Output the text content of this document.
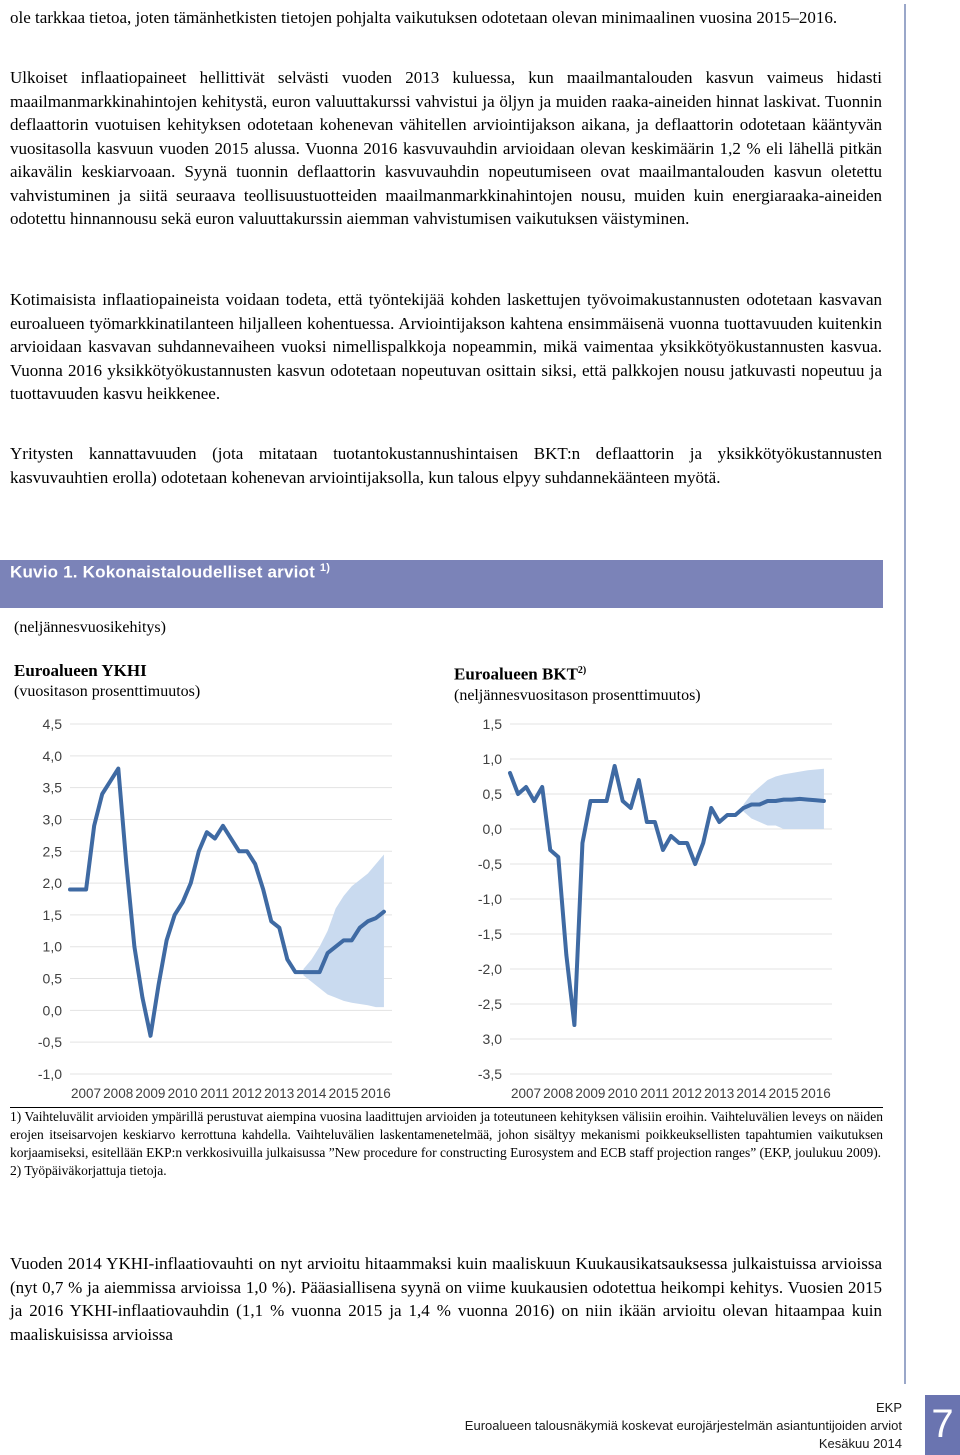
ole tarkkaa tietoa, joten tämänhetkisten tietojen pohjalta vaikutuksen odotetaan olevan minimaalinen vuosina 2015–2016.

Ulkoiset inflaatiopaineet hellittivät selvästi vuoden 2013 kuluessa, kun maailmantalouden kasvun vaimeus hidasti maailmanmarkkinahintojen kehitystä, euron valuuttakurssi vahvistui ja öljyn ja muiden raaka-aineiden hinnat laskivat. Tuonnin deflaattorin vuotuisen kehityksen odotetaan kohenevan vähitellen arviointijakson aikana, ja deflaattorin odotetaan kääntyvän vuositasolla kasvuun vuoden 2015 alussa. Vuonna 2016 kasvuvauhdin arvioidaan olevan keskimäärin 1,2 % eli lähellä pitkän aikavälin keskiarvoaan. Syynä tuonnin deflaattorin kasvuvauhdin nopeutumiseen ovat maailmantalouden kasvun oletettu vahvistuminen ja siitä seuraava teollisuustuotteiden maailmanmarkkinahintojen nousu, muiden kuin energiaraaka-aineiden odotettu hinnannousu sekä euron valuuttakurssin aiemman vahvistumisen vaikutuksen väistyminen.

Kotimaisista inflaatiopaineista voidaan todeta, että työntekijää kohden laskettujen työvoimakustannusten odotetaan kasvavan euroalueen työmarkkinatilanteen hiljalleen kohentuessa. Arviointijakson kahtena ensimmäisenä vuonna tuottavuuden kuitenkin arvioidaan kasvavan suhdannevaiheen vuoksi nimellispalkkoja nopeammin, mikä vaimentaa yksikkötyökustannusten kasvua. Vuonna 2016 yksikkötyökustannusten kasvun odotetaan nopeutuvan osittain siksi, että palkkojen nousu jatkuvasti nopeutuu ja tuottavuuden kasvu heikkenee.

Yritysten kannattavuuden (jota mitataan tuotantokustannushintaisen BKT:n deflaattorin ja yksikkötyökustannusten kasvuvauhtien erolla) odotetaan kohenevan arviointijaksolla, kun talous elpyy suhdannekäänteen myötä.

Kuvio 1. Kokonaistaloudelliset arviot $^{1)}$
(neljännesvuosikehitys)
Euroalueen YKHI
(vuositason prosenttimuutos)
Euroalueen BKT$^{2)}$
(neljännesvuositason prosenttimuutos)
4,5
4,0
3,5
3,0
2,5
2,0
1,5
1,0
0,5
0,0
-0,5
-1,0
2007 2008 2009 2010 2011 2012 2013 2014 2015 2016
1,5
1,0
0,5
0,0
-0,5
-1,0
-1,5
-2,0
-2,5
3,0
-3,5
2007 2008 2009 2010 2011 2012 2013 2014 2015 2016

1) Vaihteluvälit arvioiden ympärillä perustuvat aiempina vuosina laadittujen arvioiden ja toteutuneen kehityksen välisiin eroihin. Vaihteluvälien leveys on näiden erojen itseisarvojen keskiarvo kerrottuna kahdella. Vaihteluvälien laskentamenetelmää, johon sisältyy mekanismi poikkeuksellisten tapahtumien vaikutuksen korjaamiseksi, esitellään EKP:n verkkosivuilla julkaisussa ”New procedure for constructing Eurosystem and ECB staff projection ranges” (EKP, joulukuu 2009).

2) Työpäiväkorjattuja tietoja.

Vuoden 2014 YKHI-inflaatiovauhti on nyt arvioitu hitaammaksi kuin maaliskuun Kuukausikatsauksessa julkaistuissa arvioissa (nyt 0,7 % ja aiemmissa arvioissa 1,0 %). Pääasiallisena syynä on viime kuukausien odotettua heikompi kehitys. Vuosien 2015 ja 2016 YKHI-inflaatiovauhdin (1,1 % vuonna 2015 ja 1,4 % vuonna 2016) on niin ikään arvioitu olevan hitaampaa kuin maaliskuisissa arvioissa

EKP
Euroalueen talousnäkymiä koskevat eurojärjestelmän asiantuntijoiden arviot
Kesäkuu 2014 7
